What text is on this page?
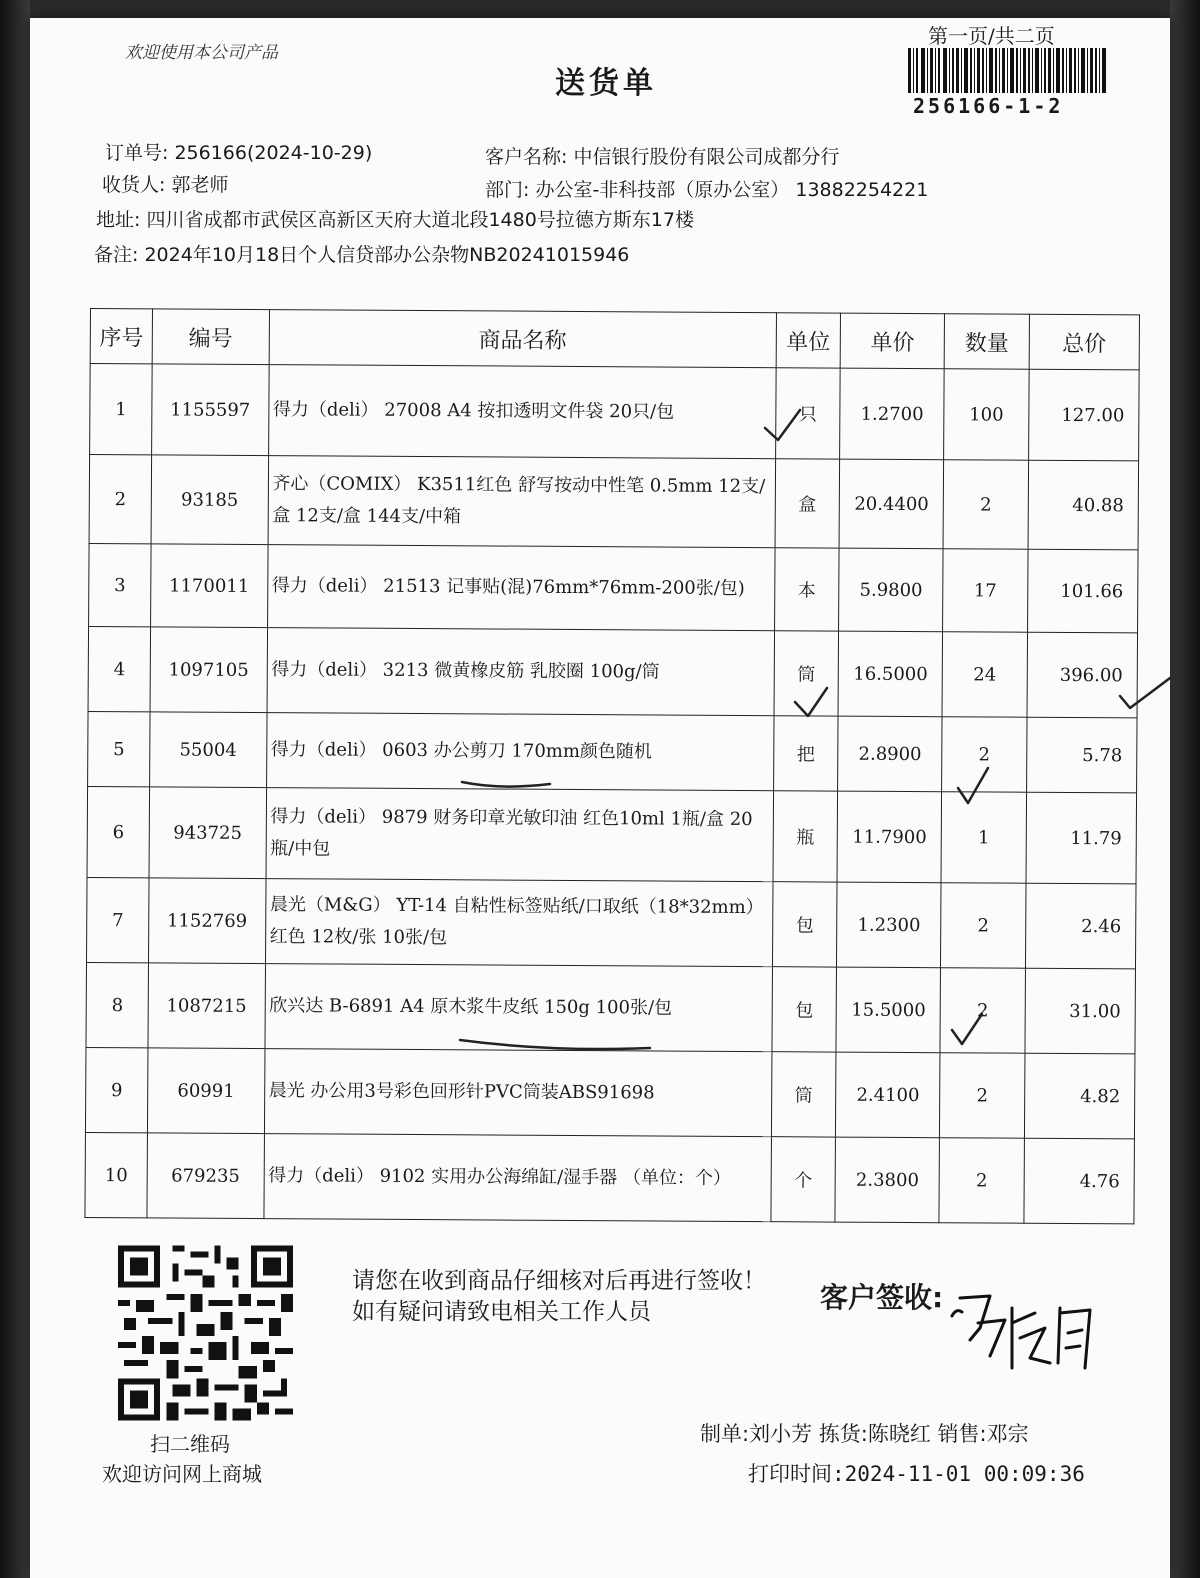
欢迎使用本公司产品
送货单
第一页/共二页
256166-1-2
订单号: 256166(2024-10-29)	客户名称: 中信银行股份有限公司成都分行
收货人: 郭老师	部门: 办公室-非科技部（原办公室） 13882254221
地址: 四川省成都市武侯区高新区天府大道北段1480号拉德方斯东17楼
备注: 2024年10月18日个人信贷部办公杂物NB20241015946
序号	编号	商品名称	单位	单价	数量	总价
1	1155597	得力（deli） 27008 A4 按扣透明文件袋 20只/包	只	1.2700	100	127.00
2	93185	齐心（COMIX） K3511红色 舒写按动中性笔 0.5mm 12支/盒 12支/盒 144支/中箱	盒	20.4400	2	40.88
3	1170011	得力（deli） 21513 记事贴(混)76mm*76mm-200张/包)	本	5.9800	17	101.66
4	1097105	得力（deli） 3213 微黄橡皮筋 乳胶圈 100g/筒	筒	16.5000	24	396.00
5	55004	得力（deli） 0603 办公剪刀 170mm颜色随机	把	2.8900	2	5.78
6	943725	得力（deli） 9879 财务印章光敏印油 红色10ml 1瓶/盒 20瓶/中包	瓶	11.7900	1	11.79
7	1152769	晨光（M&G） YT-14 自粘性标签贴纸/口取纸（18*32mm） 红色 12枚/张 10张/包	包	1.2300	2	2.46
8	1087215	欣兴达 B-6891 A4 原木浆牛皮纸 150g 100张/包	包	15.5000	2	31.00
9	60991	晨光 办公用3号彩色回形针PVC筒装ABS91698	筒	2.4100	2	4.82
10	679235	得力（deli） 9102 实用办公海绵缸/湿手器 （单位：个）	个	2.3800	2	4.76
扫二维码
欢迎访问网上商城
请您在收到商品仔细核对后再进行签收！如有疑问请致电相关工作人员	客户签收:
制单:刘小芳 拣货:陈晓红 销售:邓宗
打印时间:2024-11-01 00:09:36
